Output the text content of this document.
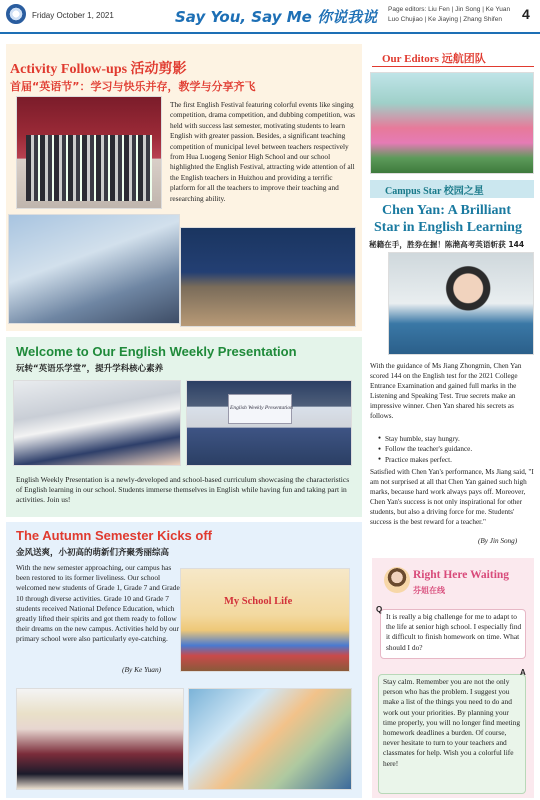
Friday October 1, 2021	Say You, Say Me 你说我说 Page editors: Liu Fen | Jin Song | Ke Yuan
Luo Chujiao | Ke Jiaying | Zhang Shifen 4
Activity Follow-ups 活动剪影
首届“英语节”：学习与快乐并存，教学与分享齐飞
The first English Festival featuring colorful events like singing competition, drama competition, and dubbing competition, was held with success last semester, motivating students to learn English with greater passion. Besides, a significant teaching competition of municipal level between teachers respectively from Hua Luogeng Senior High School and our school highlighted the English Festival, attracting wide attention of all the English teachers in Huizhou and providing a terrific platform for all the teachers to improve their teaching and researching ability.
Our Editors 远航团队
Campus Star 校园之星
Chen Yan: A Brilliant
Star in English Learning
秘籍在手，胜券在握！陈滟高考英语斩获 144
With the guidance of Ms Jiang Zhongmin, Chen Yan scored 144 on the English test for the 2021 College Entrance Examination and gained full marks in the Listening and Speaking Test. True secrets make an impressive winner. Chen Yan shared his secrets as follows.
● Stay humble, stay hungry.
● Follow the teacher's guidance.
● Practice makes perfect.
Satisfied with Chen Yan's performance, Ms Jiang said, "I am not surprised at all that Chen Yan gained such high marks, because hard work always pays off. Moreover, Chen Yan's success is not only inspirational for other students, but also a driving force for me. Students' success is the best reward for a teacher."
(By Jin Song)
Welcome to Our English Weekly Presentation
玩转“英语乐学堂”，提升学科核心素养
English Weekly Presentation
English Weekly Presentation is a newly-developed and school-based curriculum showcasing the characteristics of English learning in our school. Students immerse themselves in English while having fun and taking part in activities. Join us!
The Autumn Semester Kicks off
金风送爽，小初高的萌新们齐聚秀丽综高
With the new semester approaching, our campus has been restored to its former liveliness. Our school welcomed new students of Grade 1, Grade 7 and Grade 10 through diverse activities. Grade 10 and Grade 7 students received National Defence Education, which greatly lifted their spirits and got them ready to follow their dreams on the new campus. Activities held by our primary school were also particularly eye-catching.
(By Ke Yuan)
My School Life
Right Here Waiting
芬姐在线
Q
It is really a big challenge for me to adapt to the life at senior high school. I especially find it difficult to finish homework on time. What should I do?
A
Stay calm. Remember you are not the only person who has the problem. I suggest you make a list of the things you need to do and work out your priorities. By planning your time properly, you will no longer find meeting homework deadlines a burden. Of course, never hesitate to turn to your teachers and classmates for help. Wish you a colorful life here!
